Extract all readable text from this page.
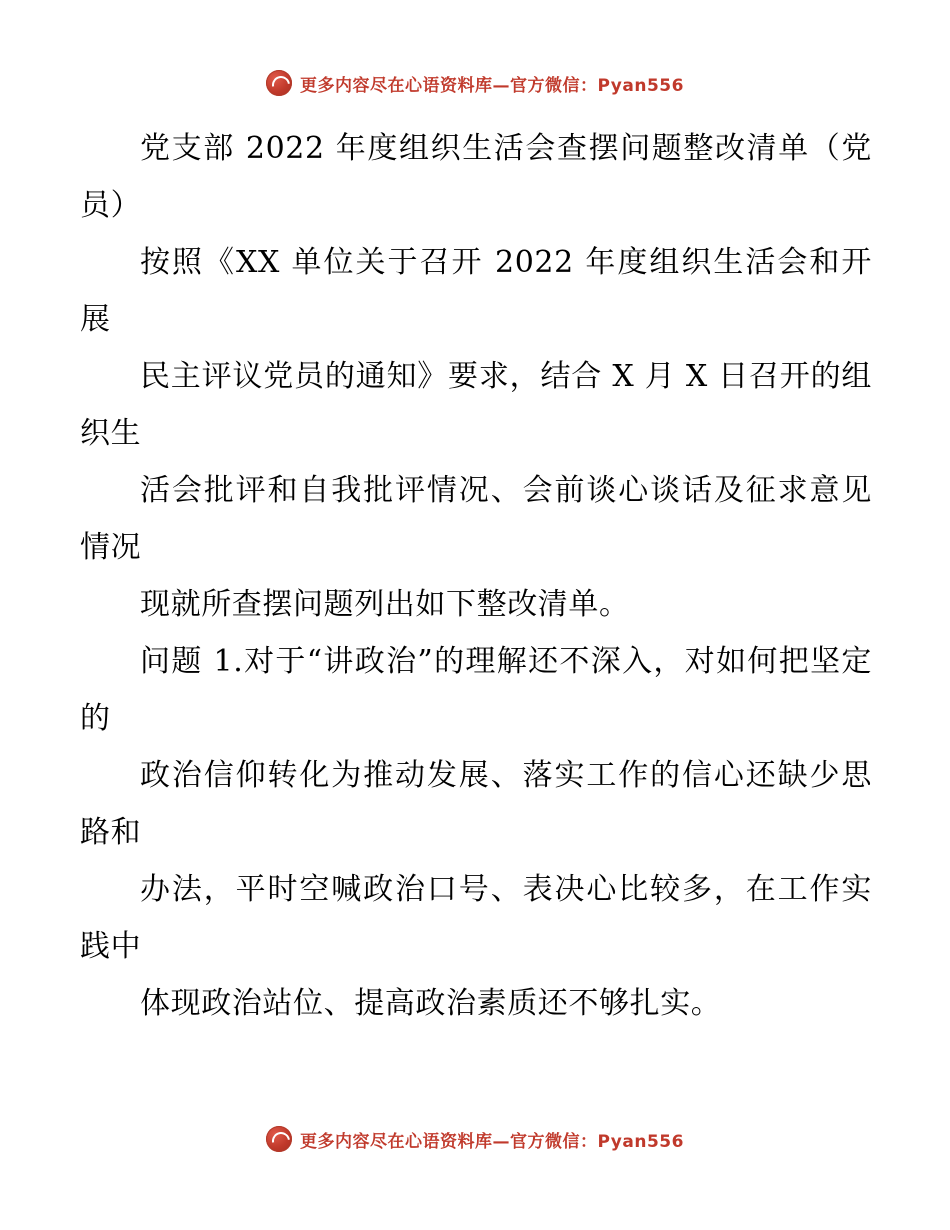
更多内容尽在心语资料库—官方微信：Pyan556

党支部 2022 年度组织生活会查摆问题整改清单（党员）

按照《XX 单位关于召开 2022 年度组织生活会和开展

民主评议党员的通知》要求，结合 X 月 X 日召开的组织生

活会批评和自我批评情况、会前谈心谈话及征求意见情况

现就所查摆问题列出如下整改清单。

问题 1.对于“讲政治”的理解还不深入，对如何把坚定的

政治信仰转化为推动发展、落实工作的信心还缺少思路和

办法，平时空喊政治口号、表决心比较多，在工作实践中

体现政治站位、提高政治素质还不够扎实。

更多内容尽在心语资料库—官方微信：Pyan556
